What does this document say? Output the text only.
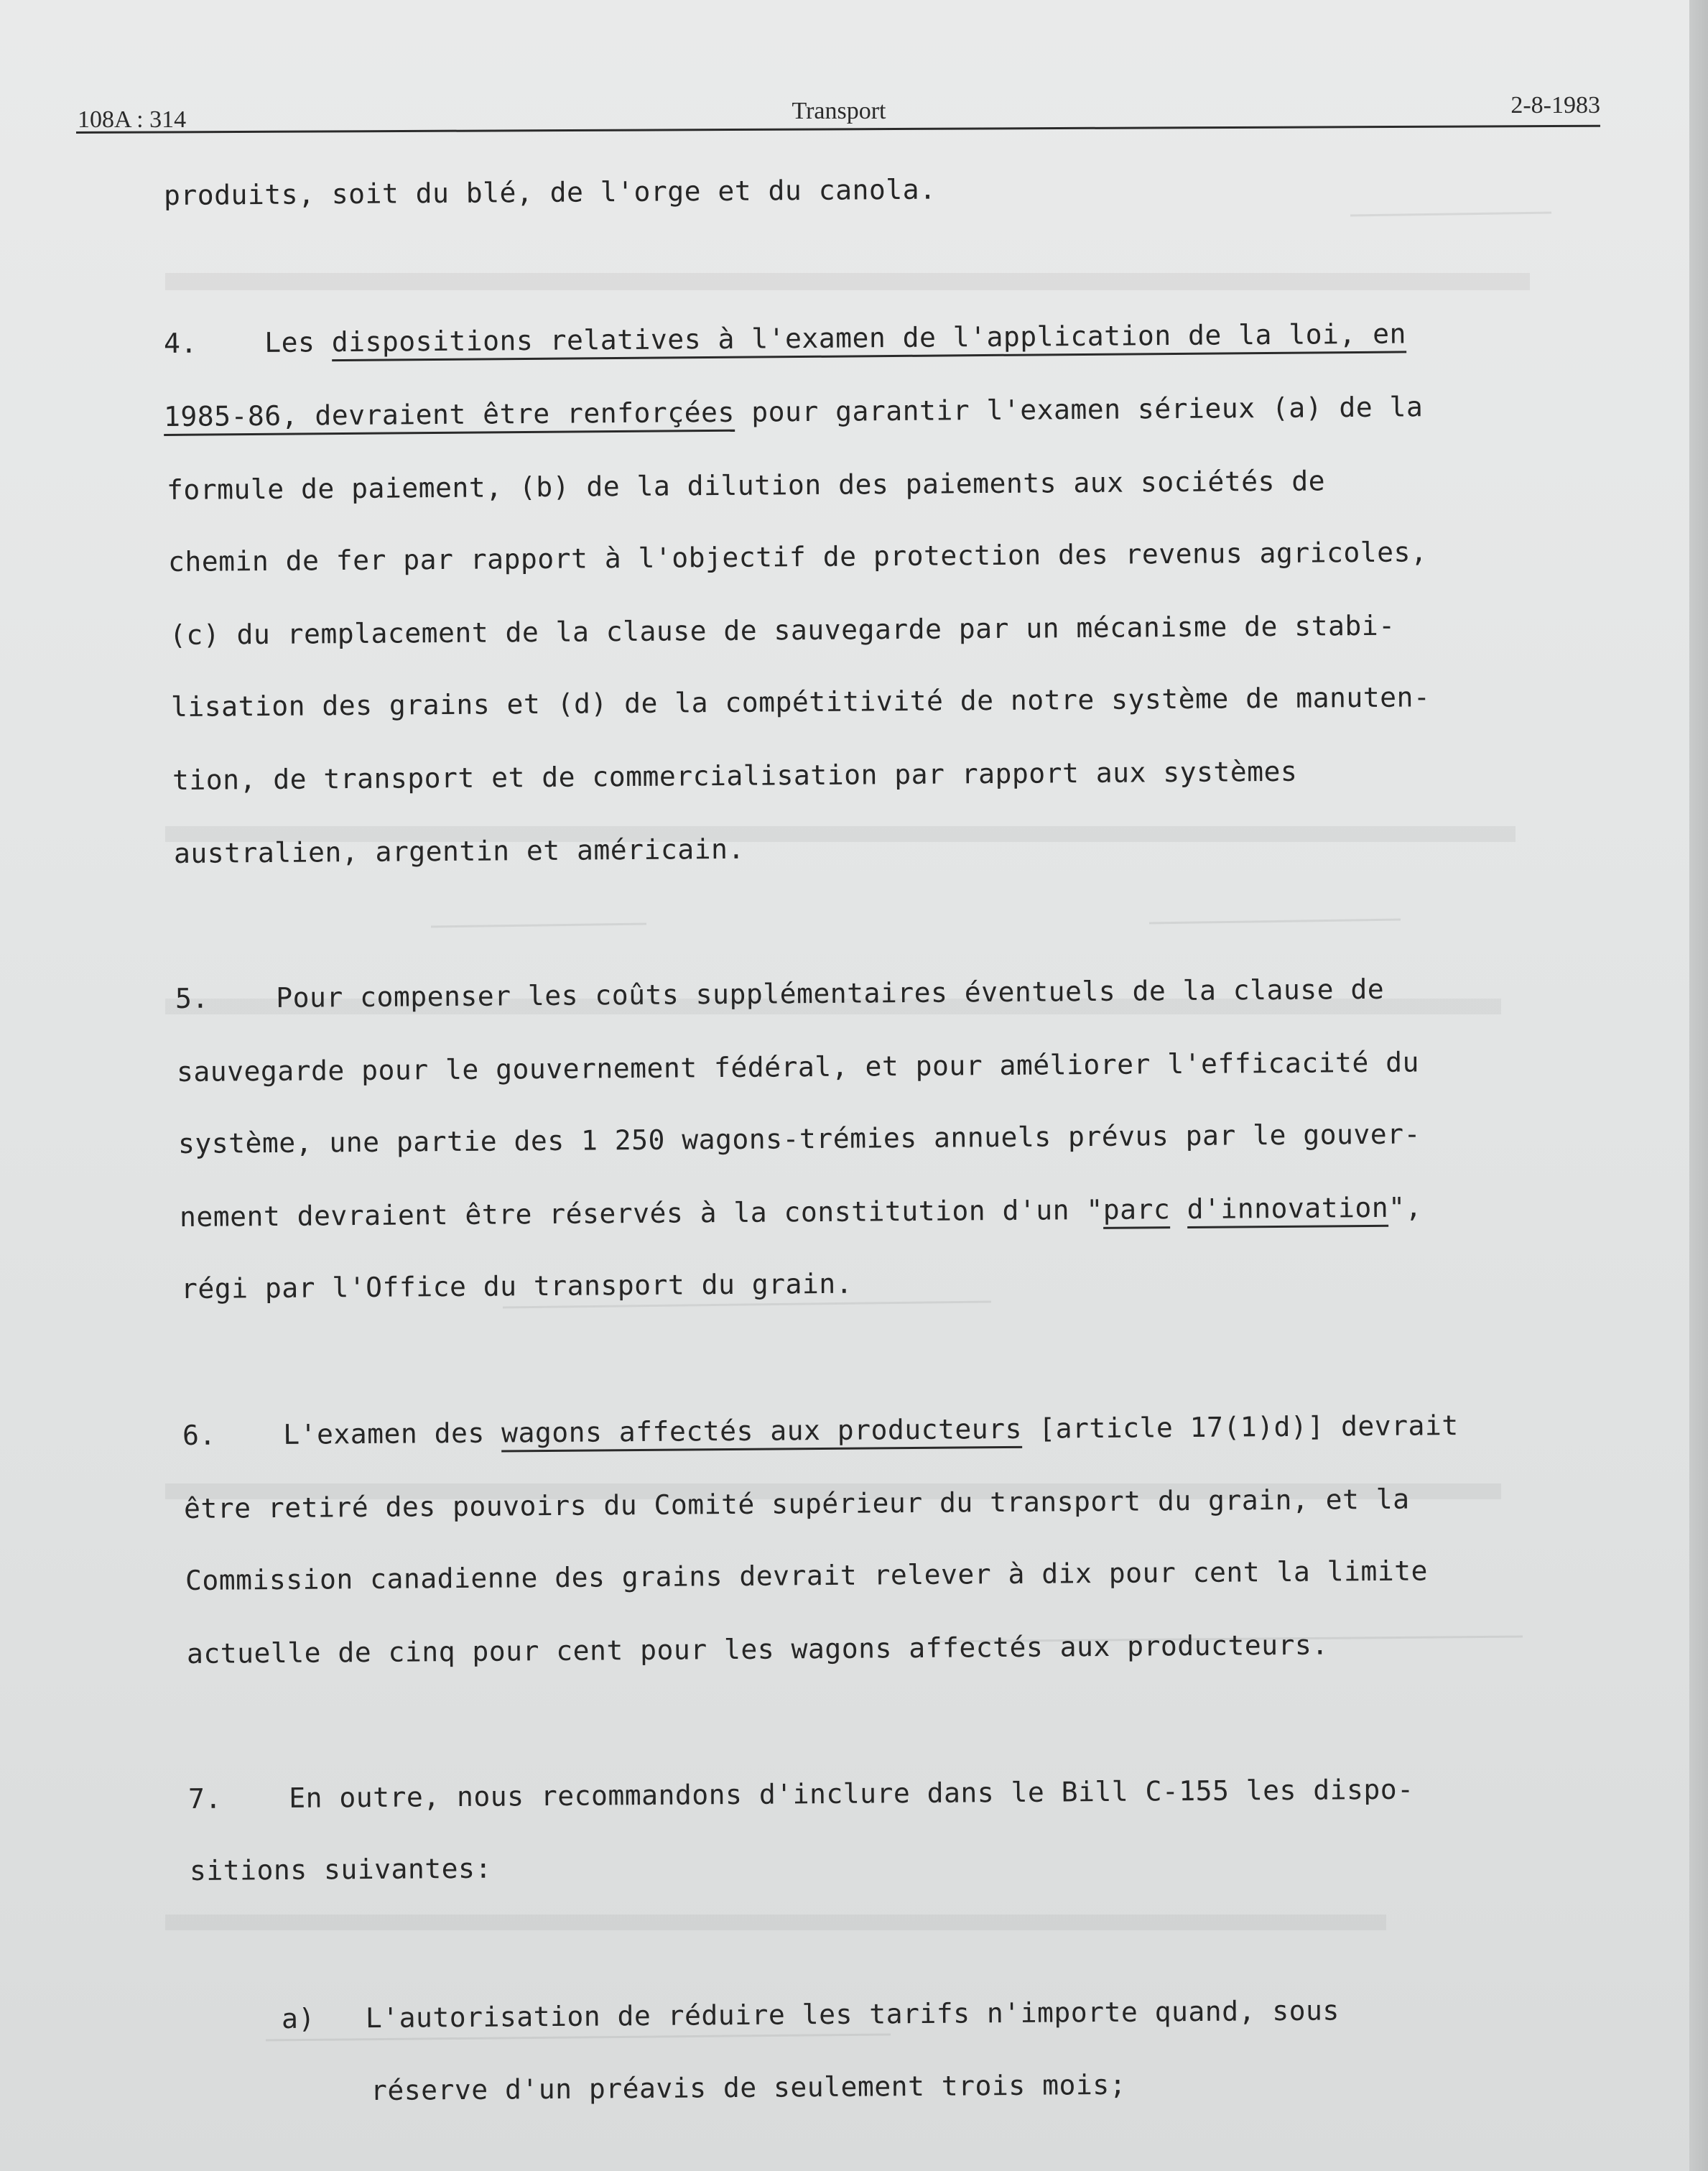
108A : 314	Transport	2-8-1983
produits, soit du blé, de l'orge et du canola.
4. Les dispositions relatives à l'examen de l'application de la loi, en
1985-86, devraient être renforçées pour garantir l'examen sérieux (a) de la
formule de paiement, (b) de la dilution des paiements aux sociétés de
chemin de fer par rapport à l'objectif de protection des revenus agricoles,
(c) du remplacement de la clause de sauvegarde par un mécanisme de stabi-
lisation des grains et (d) de la compétitivité de notre système de manuten-
tion, de transport et de commercialisation par rapport aux systèmes
australien, argentin et américain.
5. Pour compenser les coûts supplémentaires éventuels de la clause de
sauvegarde pour le gouvernement fédéral, et pour améliorer l'efficacité du
système, une partie des 1 250 wagons-trémies annuels prévus par le gouver-
nement devraient être réservés à la constitution d'un "parc d'innovation",
régi par l'Office du transport du grain.
6. L'examen des wagons affectés aux producteurs [article 17(1)d)] devrait
être retiré des pouvoirs du Comité supérieur du transport du grain, et la
Commission canadienne des grains devrait relever à dix pour cent la limite
actuelle de cinq pour cent pour les wagons affectés aux producteurs.
7. En outre, nous recommandons d'inclure dans le Bill C-155 les dispo-
sitions suivantes:
a) L'autorisation de réduire les tarifs n'importe quand, sous
réserve d'un préavis de seulement trois mois;
